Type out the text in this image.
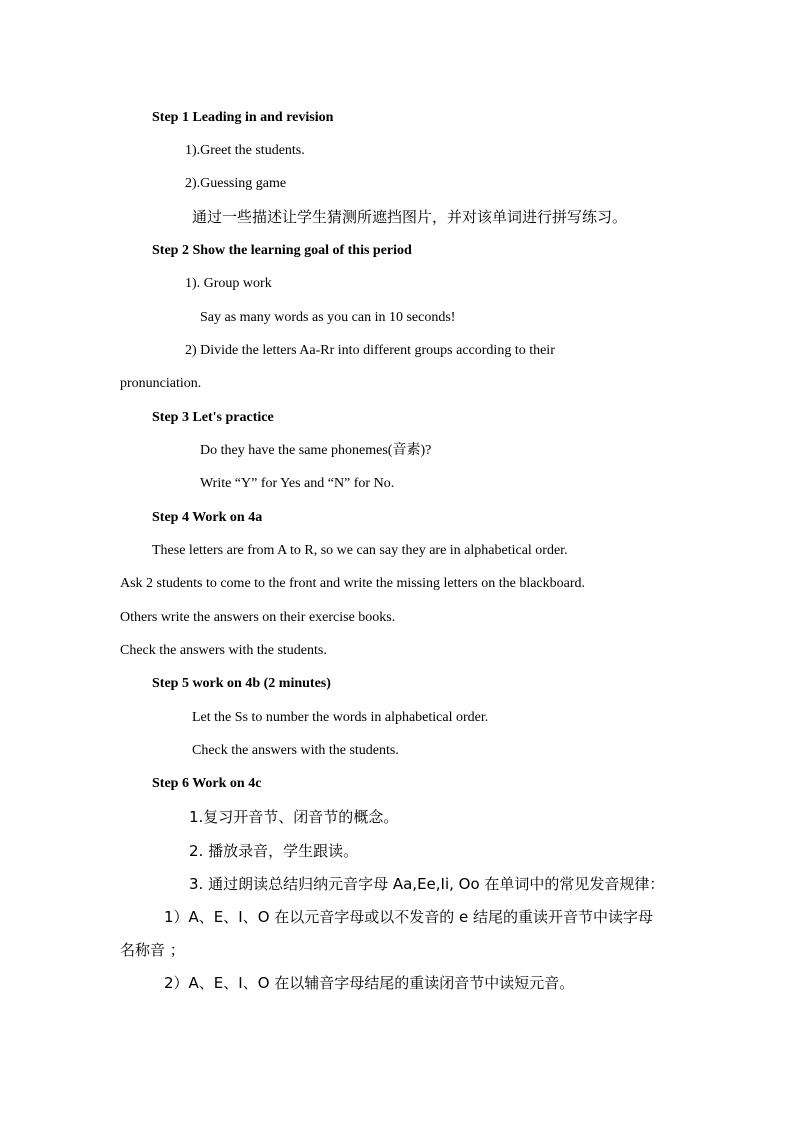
Step 1 Leading in and revision
1).Greet the students.
2).Guessing game
通过一些描述让学生猜测所遮挡图片，并对该单词进行拼写练习。
Step 2 Show the learning goal of this period
1). Group work
Say as many words as you can in 10 seconds!
2) Divide the letters Aa-Rr into different groups according to their
pronunciation.
Step 3 Let's practice
Do they have the same phonemes(音素)?
Write “Y” for Yes and “N” for No.
Step 4 Work on 4a
These letters are from A to R, so we can say they are in alphabetical order.
Ask 2 students to come to the front and write the missing letters on the blackboard.
Others write the answers on their exercise books.
Check the answers with the students.
Step 5 work on 4b (2 minutes)
Let the Ss to number the words in alphabetical order.
Check the answers with the students.
Step 6 Work on 4c
1.复习开音节、闭音节的概念。
2. 播放录音，学生跟读。
3. 通过朗读总结归纳元音字母 Aa,Ee,Ii, Oo 在单词中的常见发音规律：
1）A、E、I、O 在以元音字母或以不发音的 e 结尾的重读开音节中读字母
名称音 ；
2）A、E、I、O 在以辅音字母结尾的重读闭音节中读短元音。
